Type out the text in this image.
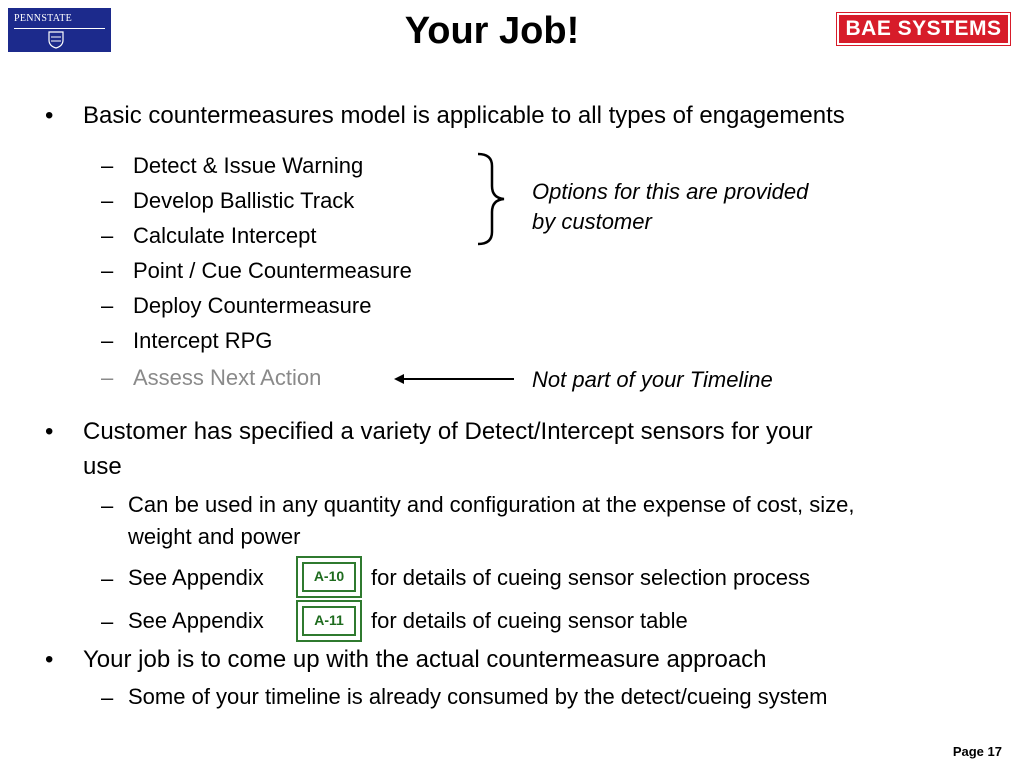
PENNSTATE	BAE SYSTEMS
Your Job!
• Basic countermeasures model is applicable to all types of engagements
– Detect & Issue Warning
– Develop Ballistic Track
– Calculate Intercept
– Point / Cue Countermeasure
– Deploy Countermeasure
– Intercept RPG
– Assess Next Action
Options for this are provided
by customer
Not part of your Timeline
• Customer has specified a variety of Detect/Intercept sensors for your
use
– Can be used in any quantity and configuration at the expense of cost, size,
weight and power
– See Appendix	A-10	for details of cueing sensor selection process
– See Appendix	A-11	for details of cueing sensor table
• Your job is to come up with the actual countermeasure approach
– Some of your timeline is already consumed by the detect/cueing system
Page 17
